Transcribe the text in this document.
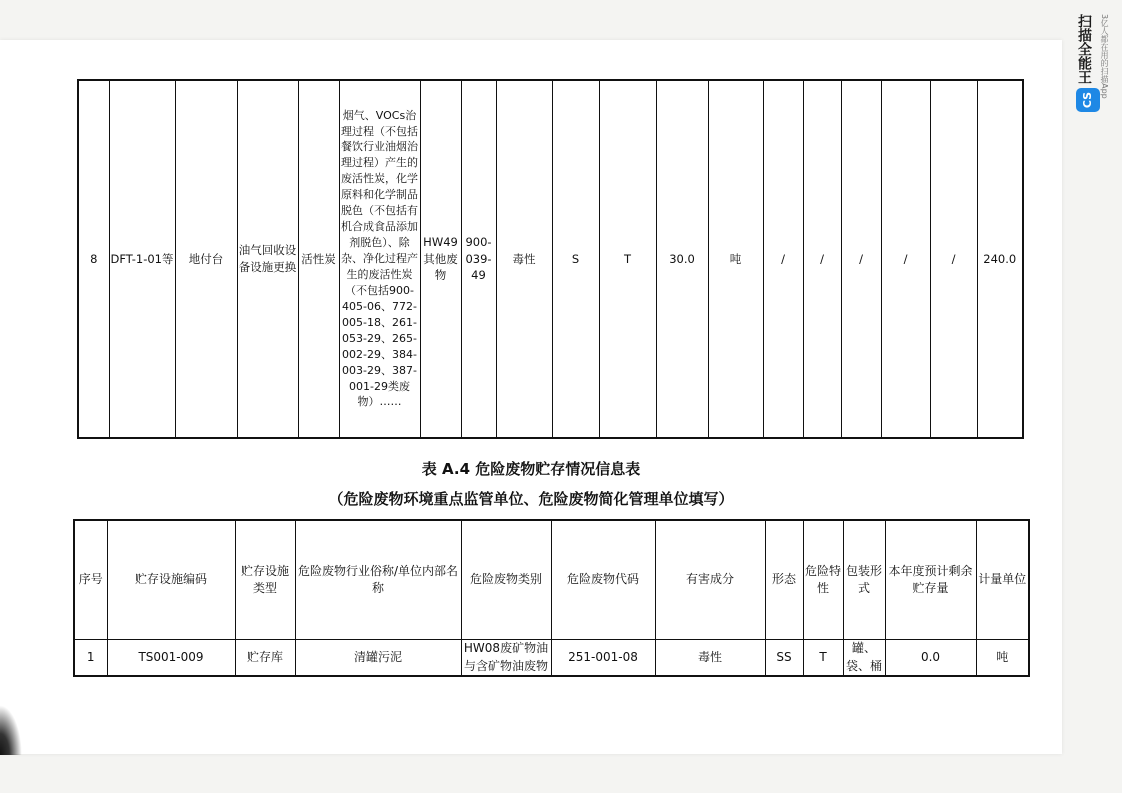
8	DFT-1-01等	地付台	油气回收设备设施更换	活性炭	烟气、VOCs治理过程（不包括餐饮行业油烟治理过程）产生的废活性炭，化学原料和化学制品脱色（不包括有机合成食品添加剂脱色）、除杂、净化过程产生的废活性炭（不包括900-405-06、772-005-18、261-053-29、265-002-29、384-003-29、387-001-29类废物）……	HW49其他废物	900-039-49	毒性	S	T	30.0	吨	/	/	/	/	/	240.0
表 A.4 危险废物贮存情况信息表
（危险废物环境重点监管单位、危险废物简化管理单位填写）
序号	贮存设施编码	贮存设施类型	危险废物行业俗称/单位内部名称	危险废物类别	危险废物代码	有害成分	形态	危险特性	包装形式	本年度预计剩余贮存量	计量单位
1	TS001-009	贮存库	清罐污泥	HW08废矿物油与含矿物油废物	251-001-08	毒性	SS	T	罐、袋、桶	0.0	吨
CS
扫描全能王	3亿人都在用的扫描App
